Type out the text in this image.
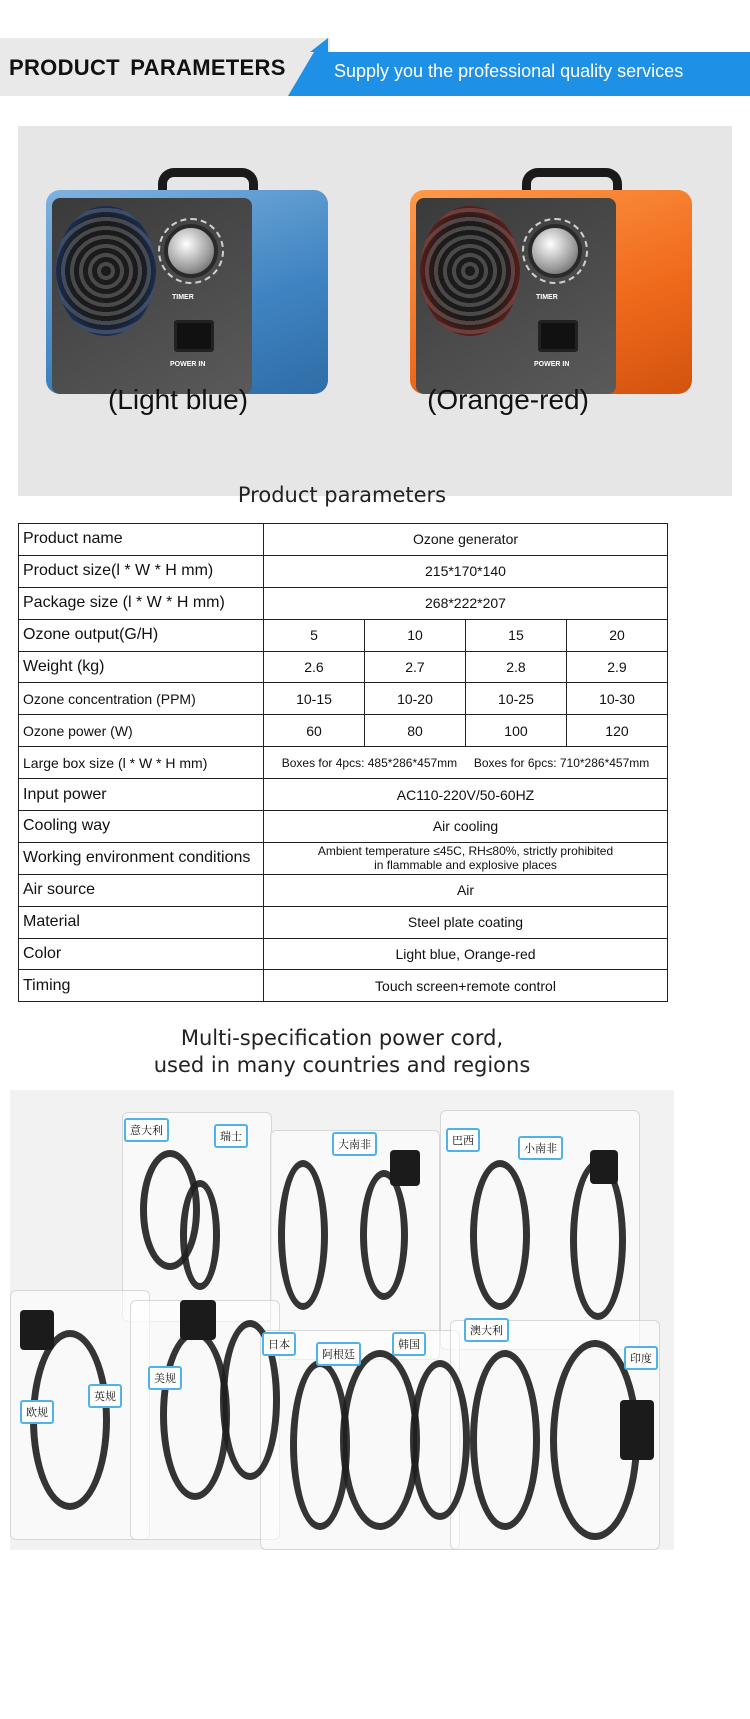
PRODUCT PARAMETERS	Supply you the professional quality services
TIMER
POWER IN
TIMER
POWER IN
(Light blue)	(Orange-red)
Product parameters
Product name	Ozone generator			
Product size(l * W * H mm)	215*170*140			
Package size (l * W * H mm)	268*222*207			
Ozone output(G/H)	5	10	15	20
Weight (kg)	2.6	2.7	2.8	2.9
Ozone concentration (PPM)	10-15	10-20	10-25	10-30
Ozone power (W)	60	80	100	120
Large box size (l * W * H mm)	Boxes for 4pcs: 485*286*457mm     Boxes for 6pcs: 710*286*457mm			
Input power	AC110-220V/50-60HZ			
Cooling way	Air cooling			
Working environment conditions	Ambient temperature ≤45C, RH≤80%, strictly prohibited
in flammable and explosive places			

Air source	Air			
Material	Steel plate coating			
Color	Light blue, Orange-red			
Timing	Touch screen+remote control			
Multi-specification power cord,
used in many countries and regions
意大利	瑞士
大南非	巴西
小南非
英规
欧规
美规
日本
阿根廷
韩国
澳大利
印度
